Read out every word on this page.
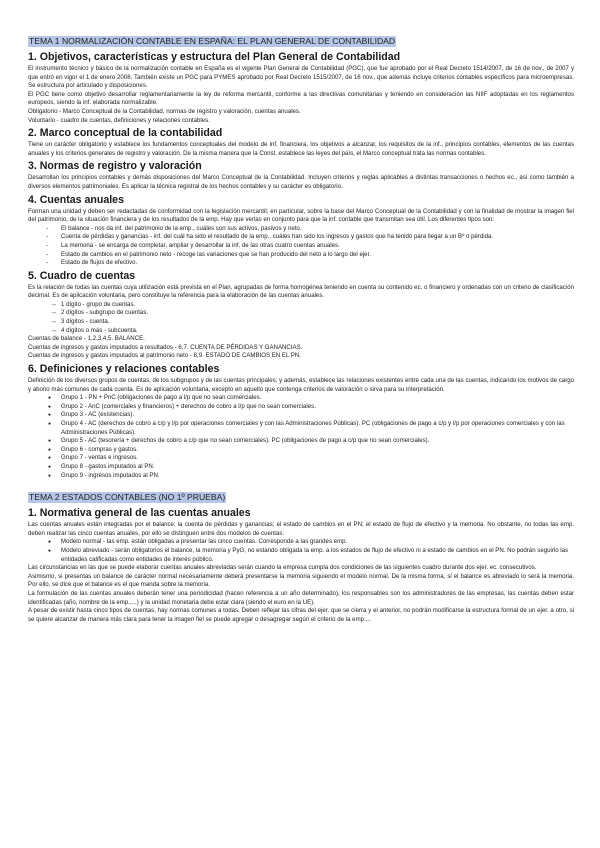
TEMA 1 NORMALIZACIÓN CONTABLE EN ESPAÑA: EL PLAN GENERAL DE CONTABILIDAD
1. Objetivos, características y estructura del Plan General de Contabilidad

El instrumento técnico y básico de la normalización contable en España es el vigente Plan General de Contabilidad (PGC), que fue aprobado por el Real Decreto 1514/2007, de 16 de nov., de 2007 y que entró en vigor el 1 de enero 2008. También existe un PGC para PYMES aprobado por Real Decreto 1515/2007, de 16 nov., que además incluye criterios contables específicos para microempresas. Se estructura por articulado y disposiciones.

El PGC tiene como objetivo desarrollar reglamentariamente la ley de reforma mercantil, conforme a las directivas comunitarias y teniendo en consideración las NIIF adoptadas en los reglamentos europeos, siendo la inf. elaborada normalizable.

Obligatorio - Marco Conceptual de la Contabilidad, normas de registro y valoración, cuentas anuales.

Voluntario - cuadro de cuentas, definiciones y relaciones contables.

2. Marco conceptual de la contabilidad

Tiene un carácter obligatorio y establece los fundamentos conceptuales del modelo de inf. financiera, los objetivos a alcanzar, los requisitos de la inf., principios contables, elementos de las cuentas anuales y los criterios generales de registro y valoración. De la misma manera que la Const. establece las leyes del país, el Marco conceptual trata las normas contables.

3. Normas de registro y valoración

Desarrollan los principios contables y demás disposiciones del Marco Conceptual de la Contabilidad. Incluyen criterios y reglas aplicables a distintas transacciones o hechos ec., así como también a diversos elementos patrimoniales. Es aplicar la técnica registral de los hechos contables y su carácter es obligatorio.

4. Cuentas anuales

Forman una unidad y deben ser redactadas de conformidad con la legislación mercantil; en particular, sobre la base del Marco Conceptual de la Contabilidad y con la finalidad de mostrar la imagen fiel del patrimonio, de la situación financiera y de los resultados de la emp. Hay que verlas en conjunto para que la inf. contable que transmitan sea útil. Los diferentes tipos son:

- El balance - nos da inf. del patrimonio de la emp., cuáles son sus activos, pasivos y neto.
- Cuenta de pérdidas y ganancias - inf. del cuál ha sido el resultado de la emp., cuáles han sido los ingresos y gastos que ha tenido para llegar a un Bº o pérdida.
- La memoria - se encarga de completar, ampliar y desarrollar la inf. de las otras cuatro cuentas anuales.
- Estado de cambios en el patrimonio neto - recoge las variaciones que se han producido del neto a lo largo del ejer.
- Estado de flujos de efectivo.
5. Cuadro de cuentas

Es la relación de todas las cuentas cuya utilización está prevista en el Plan, agrupadas de forma homogénea teniendo en cuenta su contenido ec. o financiero y ordenadas con un criterio de clasificación decimal. Es de aplicación voluntaria, pero constituye la referencia para la elaboración de las cuentas anuales.

→ 1 dígito - grupo de cuentas.
→ 2 dígitos - subgrupo de cuentas.
→ 3 dígitos - cuenta.
→ 4 dígitos o más - subcuenta.

Cuentas de balance - 1,2,3,4,5. BALANCE.

Cuentas de ingresos y gastos imputados a resultados - 6,7. CUENTA DE PÉRDIDAS Y GANANCIAS.

Cuentas de ingresos y gastos imputados al patrimonio neto - 8,9. ESTADO DE CAMBIOS EN EL PN.

6. Definiciones y relaciones contables

Definición de los diversos grupos de cuentas, de los subgrupos y de las cuentas principales; y además, establece las relaciones existentes entre cada una de las cuentas, indicando los motivos de cargo y abono más comunes de cada cuenta. Es de aplicación voluntaria, excepto en aquello que contenga criterios de valoración o sirva para su interpretación.

● Grupo 1 - PN + PnC (obligaciones de pago a l/p que no sean comerciales.
● Grupo 2 - AnC (comerciales y financieros) + derechos de cobro a l/p que no sean comerciales.
● Grupo 3 - AC (existencias).
● Grupo 4 - AC (derechos de cobro a c/p y l/p por operaciones comerciales y con las Administraciones Públicas). PC (obligaciones de pago a c/p y l/p por operaciones comerciales y con las Administraciones Públicas).
● Grupo 5 - AC (tesorería + derechos de cobro a c/p que no sean comerciales). PC (obligaciones de pago a c/p que no sean comerciales).
● Grupo 6 - compras y gastos.
● Grupo 7 - ventas e ingresos.
● Grupo 8 - gastos imputados al PN.
● Grupo 9 - ingresos imputados al PN.
TEMA 2 ESTADOS CONTABLES (NO 1º PRUEBA)
1. Normativa general de las cuentas anuales

Las cuentas anuales están integradas por el balance; la cuenta de pérdidas y ganancias; el estado de cambios en el PN; el estado de flujo de efectivo y la memoria. No obstante, no todas las emp. deben realizar las cinco cuentas anuales, por ello se distinguen entre dos modelos de cuentas:

● Modelo normal - las emp. están obligadas a presentar las cinco cuentas. Corresponde a las grandes emp.
● Modelo abreviado - serán obligatorios el balance, la memoria y PyG, no estando obligada la emp. a los estados de flujo de efectivo ni a estado de cambios en el PN. No podrán seguirlo las entidades calificadas como entidades de interés público.

Las circunstancias en las que se puede elaborar cuentas anuales abreviadas serán cuando la empresa cumpla dos condiciones de las siguientes cuadro durante dos ejer. ec. consecutivos.

Asimismo, si presentas un balance de carácter normal necesariamente deberá presentarse la memoria siguiendo el modelo normal. De la misma forma, si el balance es abreviado lo será la memoria. Por ello, se dice que el balance es el que manda sobre la memoria.

La formulación de las cuentas anuales deberán tener una periodicidad (hacen referencia a un año determinado), los responsables son los administradores de las empresas, las cuentas deben estar identificadas (año, nombre de la emp.,...) y la unidad monetaria debe estar clara (siendo el euro en la UE).

A pesar de existir hasta cinco tipos de cuentas, hay normas comunes a todas. Deben reflejar las cifras del ejer. que se cierra y el anterior, no podrán modificarse la estructura formal de un ejer. a otro, si se quiere alcanzar de manera más clara para tener la imagen fiel se puede agregar o desagregar según el criterio de la emp....
